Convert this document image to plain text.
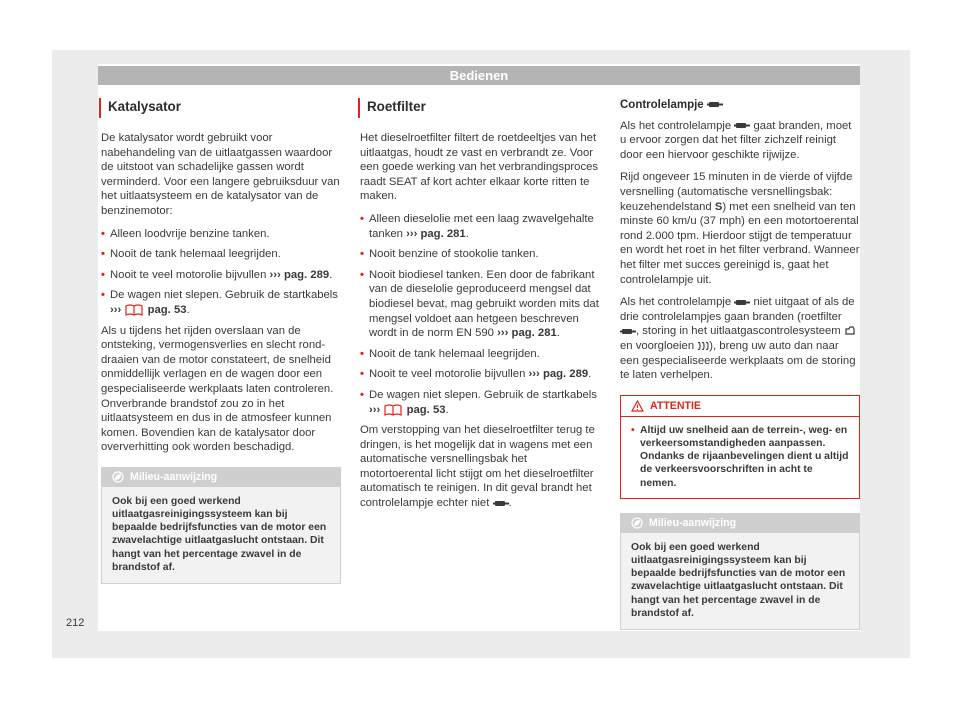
Bedienen
Katalysator

De katalysator wordt gebruikt voor nabehandeling van de uitlaatgassen waardoor de uitstoot van schadelijke gassen wordt verminderd. Voor een langere gebruiksduur van het uitlaatsysteem en de katalysator van de benzinemotor:

• Alleen loodvrije benzine tanken.
• Nooit de tank helemaal leegrijden.
• Nooit te veel motorolie bijvullen ››› pag. 289.
• De wagen niet slepen. Gebruik de startkabels ››› pag. 53.

Als u tijdens het rijden overslaan van de ontsteking, vermogensverlies en slecht rond-draaien van de motor constateert, de snelheid onmiddellijk verlagen en de wagen door een gespecialiseerde werkplaats laten controleren. Onverbrande brandstof zou zo in het uitlaatsysteem en dus in de atmosfeer kunnen komen. Bovendien kan de katalysator door oververhitting ook worden beschadigd.

Milieu-aanwijzing
Ook bij een goed werkend uitlaatgasreinigingssysteem kan bij bepaalde bedrijfsfuncties van de motor een zwavelachtige uitlaatgaslucht ontstaan. Dit hangt van het percentage zwavel in de brandstof af.
Roetfilter

Het dieselroetfilter filtert de roetdeeltjes van het uitlaatgas, houdt ze vast en verbrandt ze. Voor een goede werking van het verbrandingsproces raadt SEAT af kort achter elkaar korte ritten te maken.

• Alleen dieselolie met een laag zwavelgehalte tanken ››› pag. 281.
• Nooit benzine of stookolie tanken.
• Nooit biodiesel tanken. Een door de fabrikant van de dieselolie geproduceerd mengsel dat biodiesel bevat, mag gebruikt worden mits dat mengsel voldoet aan hetgeen beschreven wordt in de norm EN 590 ››› pag. 281.
• Nooit de tank helemaal leegrijden.
• Nooit te veel motorolie bijvullen ››› pag. 289.
• De wagen niet slepen. Gebruik de startkabels ››› pag. 53.

Om verstopping van het dieselroetfilter terug te dringen, is het mogelijk dat in wagens met een automatische versnellingsbak het motortoerental licht stijgt om het dieselroetfilter automatisch te reinigen. In dit geval brandt het controlelampje echter niet .

Controlelampje

Als het controlelampje gaat branden, moet u ervoor zorgen dat het filter zichzelf reinigt door een hiervoor geschikte rijwijze.

Rijd ongeveer 15 minuten in de vierde of vijfde versnelling (automatische versnellingsbak: keuzehendelstand S) met een snelheid van ten minste 60 km/u (37 mph) en een motortoerental rond 2.000 tpm. Hierdoor stijgt de temperatuur en wordt het roet in het filter verbrand. Wanneer het filter met succes gereinigd is, gaat het controlelampje uit.

Als het controlelampje niet uitgaat of als de drie controlelampjes gaan branden (roetfilter , storing in het uitlaatgascontrolesysteem  en voorgloeien ), breng uw auto dan naar een gespecialiseerde werkplaats om de storing te laten verhelpen.

ATTENTIE
• Altijd uw snelheid aan de terrein-, weg- en verkeersomstandigheden aanpassen. Ondanks de rijaanbevelingen dient u altijd de verkeersvoorschriften in acht te nemen.
Milieu-aanwijzing
Ook bij een goed werkend uitlaatgasreinigingssysteem kan bij bepaalde bedrijfsfuncties van de motor een zwavelachtige uitlaatgaslucht ontstaan. Dit hangt van het percentage zwavel in de brandstof af.
212
